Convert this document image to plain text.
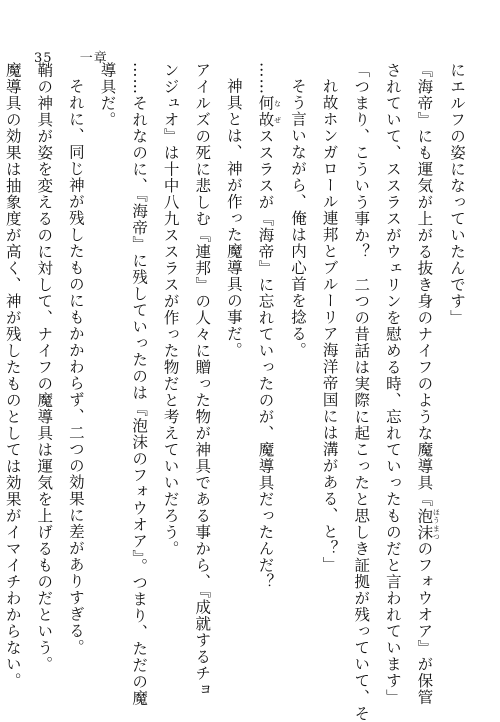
35 一章
にエルフの姿になっていたんです」
『海帝』にも運気が上がる抜き身のナイフのような魔導具『泡沫 ほうまつのフォウオア』が保管
されていて、ススラスがウェリンを慰める時、忘れていったものだと言われています」
「つまり、こういう事か？　二つの昔話は実際に起こったと思しき証拠が残っていて、そ
れ故ホンガロール連邦とブルーリア海洋帝国には溝がある、と？」
そう言いながら、俺は内心首を捻る。
……何故 なぜススラスが『海帝』に忘れていったのが、魔導具だったんだ？
神具とは、神が作った魔導具の事だ。
アイルズの死に悲しむ『連邦』の人々に贈った物が神具である事から、『成就するチョ
ンジュオ』は十中八九ススラスが作った物だと考えていいだろう。
……それなのに、『海帝』に残していったのは『泡沫のフォウオア』。つまり、ただの魔
導具だ。
それに、同じ神が残したものにもかかわらず、二つの効果に差がありすぎる。
鞘の神具が姿を変えるのに対して、ナイフの魔導具は運気を上げるものだという。
魔導具の効果は抽象度が高く、神が残したものとしては効果がイマイチわからない。
